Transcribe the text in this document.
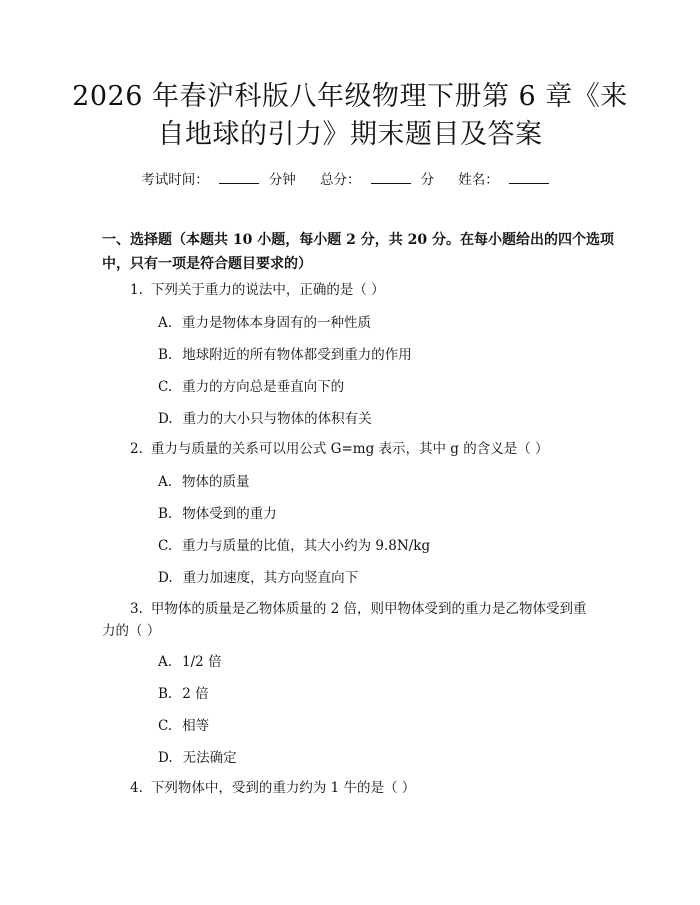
2026 年春沪科版八年级物理下册第 6 章《来
自地球的引力》期末题目及答案
考试时间：	分钟 总分：	分 姓名：
一、选择题（本题共 10 小题，每小题 2 分，共 20 分。在每小题给出的四个选项
中，只有一项是符合题目要求的）
1. 下列关于重力的说法中，正确的是（ ）
A. 重力是物体本身固有的一种性质
B. 地球附近的所有物体都受到重力的作用
C. 重力的方向总是垂直向下的
D. 重力的大小只与物体的体积有关
2. 重力与质量的关系可以用公式 G=mg 表示，其中 g 的含义是（ ）
A. 物体的质量
B. 物体受到的重力
C. 重力与质量的比值，其大小约为 9.8N/kg
D. 重力加速度，其方向竖直向下
3. 甲物体的质量是乙物体质量的 2 倍，则甲物体受到的重力是乙物体受到重
力的（ ）
A. 1/2 倍
B. 2 倍
C. 相等
D. 无法确定
4. 下列物体中，受到的重力约为 1 牛的是（ ）
